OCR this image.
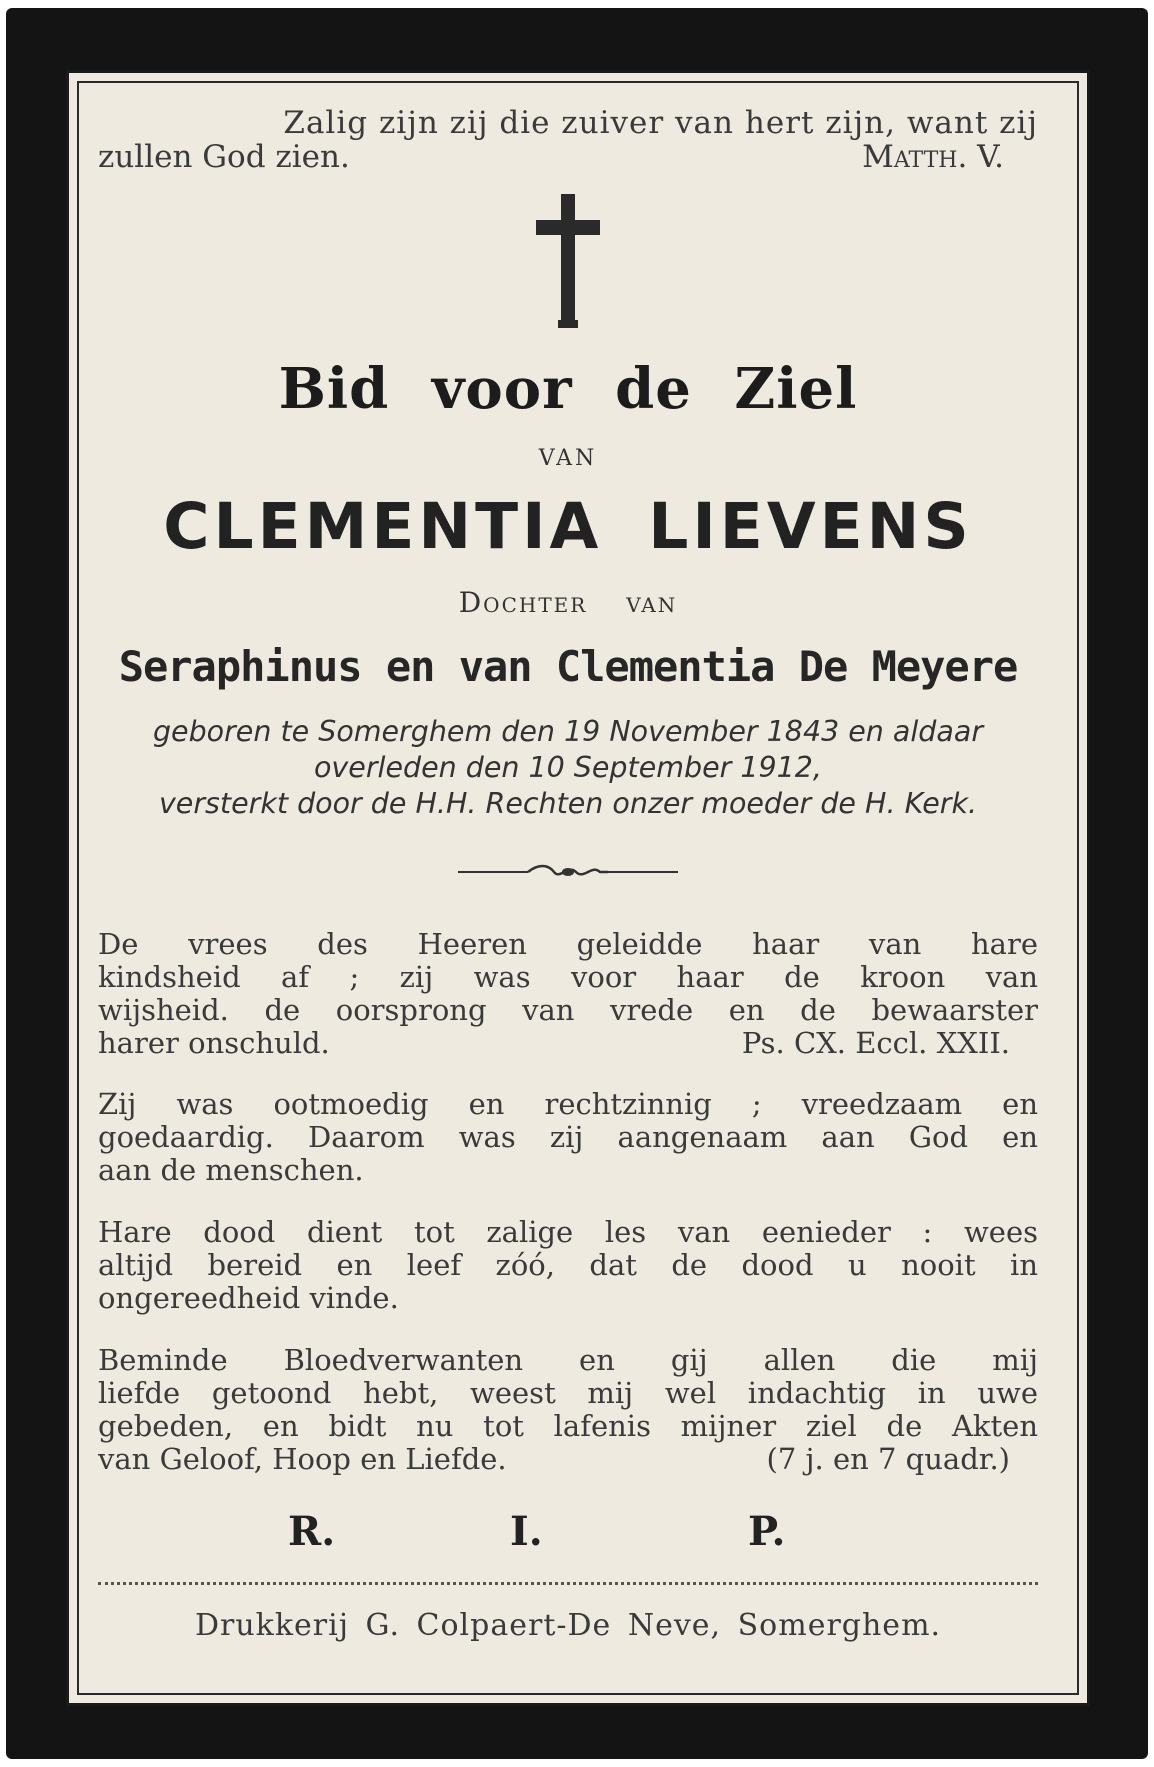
Zalig zijn zij die zuiver van hert zijn, want zij
zullen God zien.	Matth. V.
Bid voor de Ziel
VAN
CLEMENTIA LIEVENS
Dochter van
Seraphinus en van Clementia De Meyere
geboren te Somerghem den 19 November 1843 en aldaar
overleden den 10 September 1912,
versterkt door de H.H. Rechten onzer moeder de H. Kerk.
De vrees des Heeren geleidde haar van hare
kindsheid af ; zij was voor haar de kroon van
wijsheid. de oorsprong van vrede en de bewaarster
harer onschuld.	Ps. CX. Eccl. XXII.
Zij was ootmoedig en rechtzinnig ; vreedzaam en
goedaardig. Daarom was zij aangenaam aan God en
aan de menschen.
Hare dood dient tot zalige les van eenieder : wees
altijd bereid en leef zóó, dat de dood u nooit in
ongereedheid vinde.
Beminde Bloedverwanten en gij allen die mij
liefde getoond hebt, weest mij wel indachtig in uwe
gebeden, en bidt nu tot lafenis mijner ziel de Akten
van Geloof, Hoop en Liefde.	(7 j. en 7 quadr.)
R.	I.	P.
Drukkerij G. Colpaert-De Neve, Somerghem.
